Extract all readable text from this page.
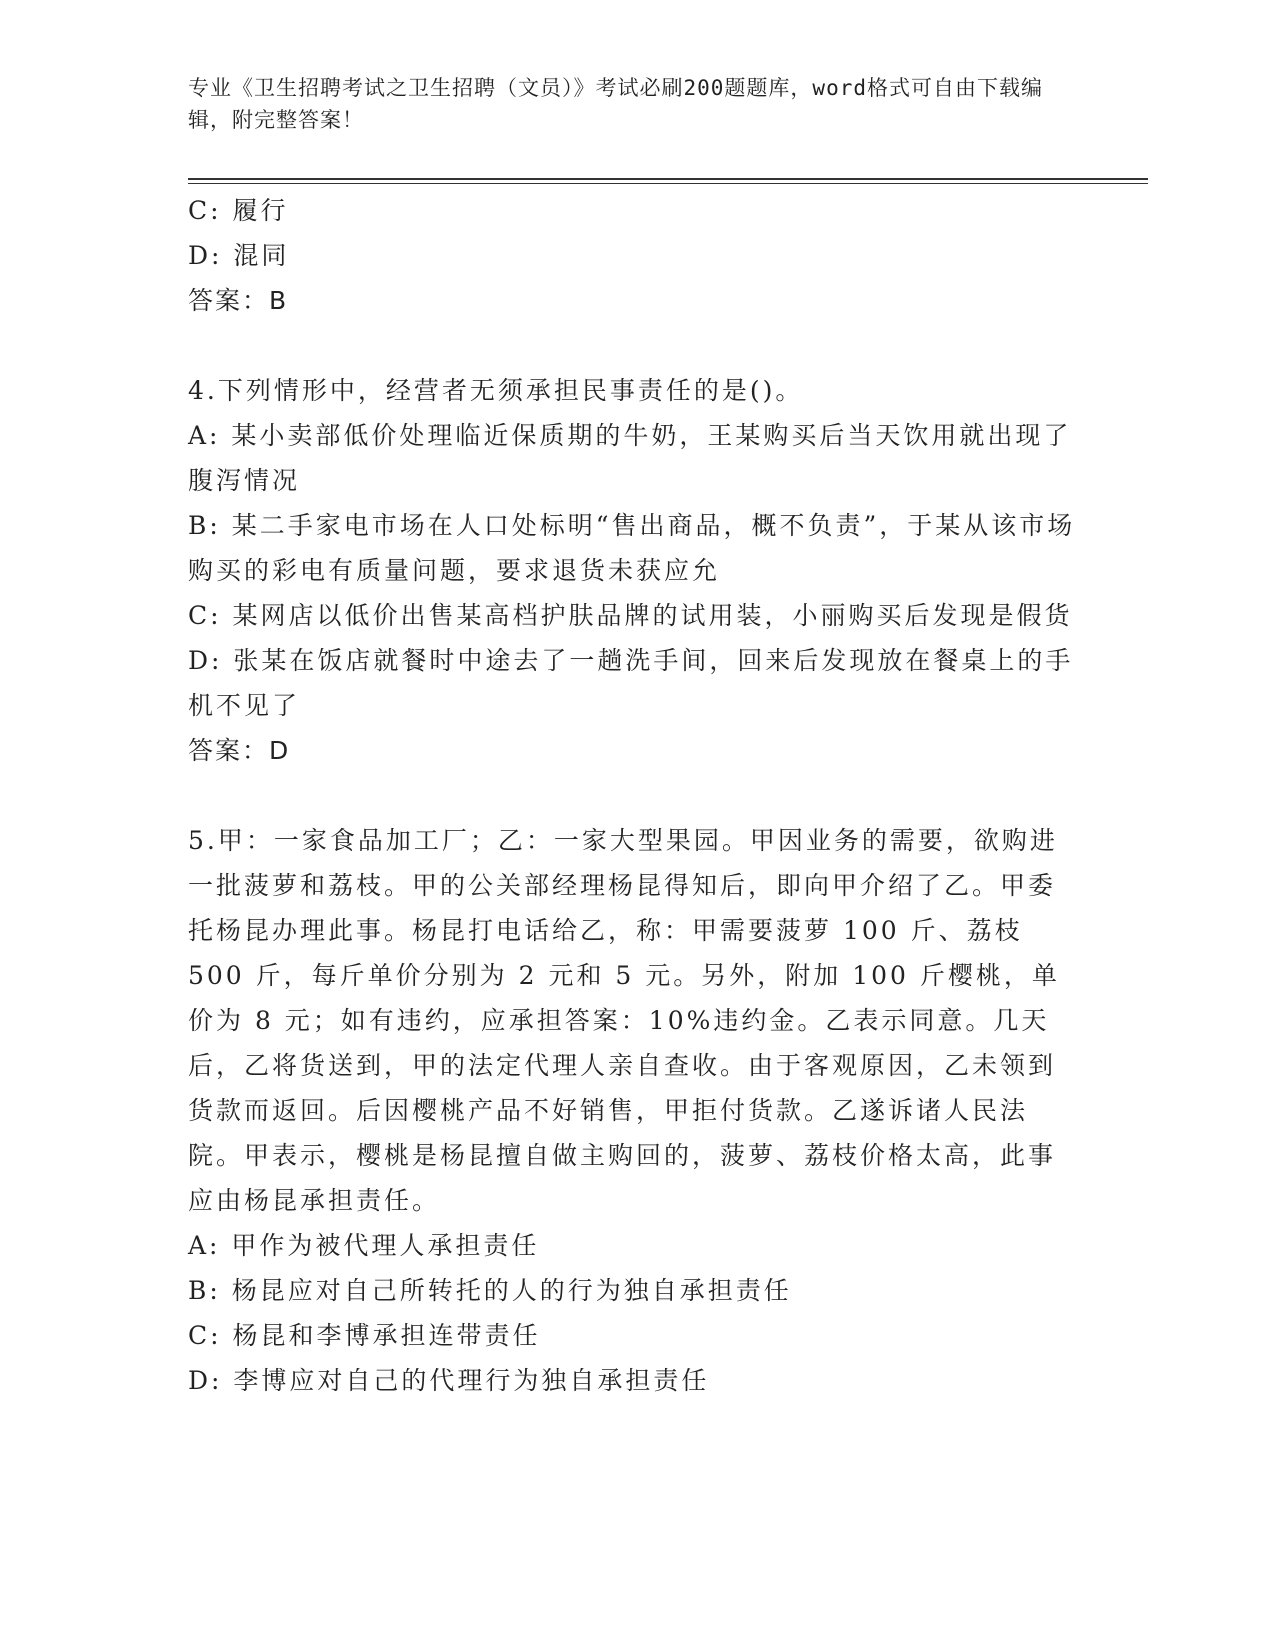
专业《卫生招聘考试之卫生招聘（文员）》考试必刷200题题库，word格式可自由下载编辑，附完整答案！
C: 履行
D: 混同
答案：B
4.下列情形中，经营者无须承担民事责任的是()。
A: 某小卖部低价处理临近保质期的牛奶，王某购买后当天饮用就出现了腹泻情况
B: 某二手家电市场在人口处标明“售出商品，概不负责”，于某从该市场购买的彩电有质量问题，要求退货未获应允
C: 某网店以低价出售某高档护肤品牌的试用装，小丽购买后发现是假货
D: 张某在饭店就餐时中途去了一趟洗手间，回来后发现放在餐桌上的手机不见了
答案：D
5.甲：一家食品加工厂；乙：一家大型果园。甲因业务的需要，欲购进一批菠萝和荔枝。甲的公关部经理杨昆得知后，即向甲介绍了乙。甲委托杨昆办理此事。杨昆打电话给乙，称：甲需要菠萝 100 斤、荔枝 500 斤，每斤单价分别为 2 元和 5 元。另外，附加 100 斤樱桃，单价为 8 元；如有违约，应承担答案：10%违约金。乙表示同意。几天后，乙将货送到，甲的法定代理人亲自查收。由于客观原因，乙未领到货款而返回。后因樱桃产品不好销售，甲拒付货款。乙遂诉诸人民法院。甲表示，樱桃是杨昆擅自做主购回的，菠萝、荔枝价格太高，此事应由杨昆承担责任。
A: 甲作为被代理人承担责任
B: 杨昆应对自己所转托的人的行为独自承担责任
C: 杨昆和李博承担连带责任
D: 李博应对自己的代理行为独自承担责任
